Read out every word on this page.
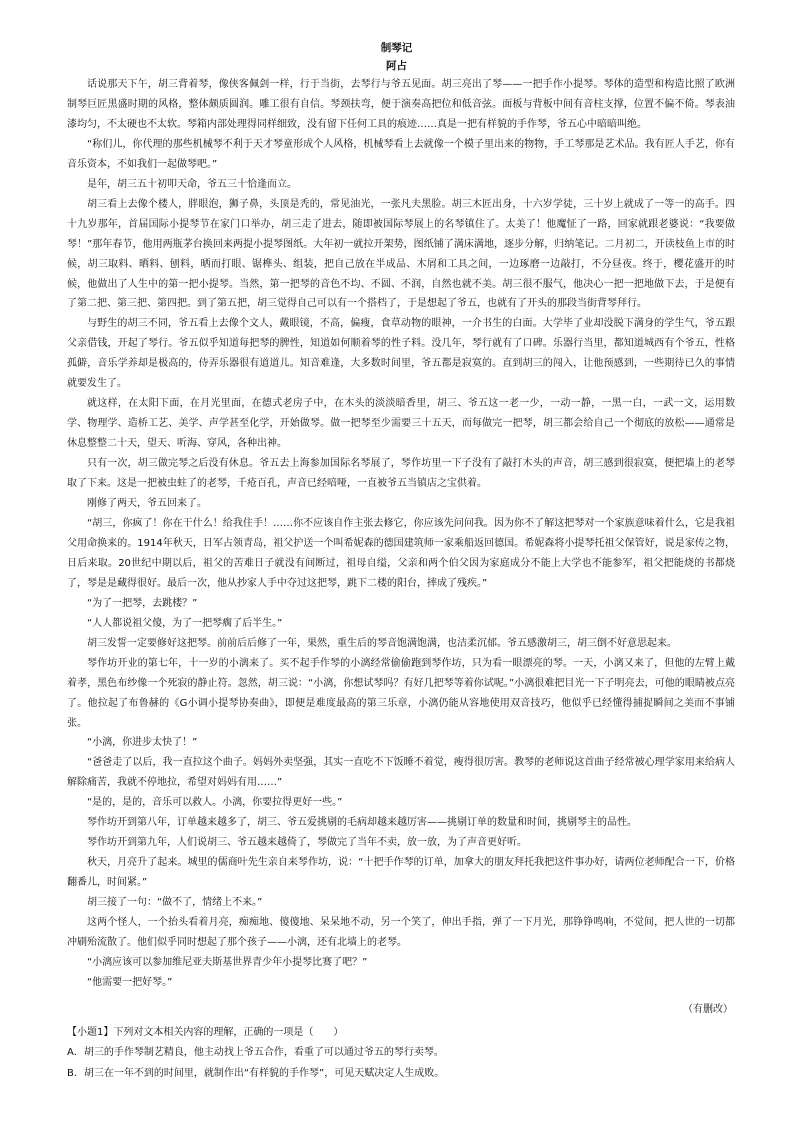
制琴记
阿占

话说那天下午，胡三背着琴，像侠客佩剑一样，行于当街，去琴行与爷五见面。胡三亮出了琴——一把手作小提琴。琴体的造型和构造比照了欧洲制琴巨匠黑盛时期的风格，整体颇质圆润。雕工很有自信。琴颈扶弯，便于演奏高把位和低音弦。面板与背板中间有音柱支撑，位置不偏不倚。琴表油漆均匀，不太硬也不太软。琴箱内部处理得同样细致，没有留下任何工具的痕迹……真是一把有样貌的手作琴，爷五心中暗暗叫绝。

“称们儿，你代理的那些机械琴不利于天才琴童形成个人风格，机械琴看上去就像一个模子里出来的物物，手工琴那是艺术品。我有匠人手艺，你有音乐资本，不如我们一起做琴吧。”

是年，胡三五十初叩天命，爷五三十恰逢而立。

胡三看上去像个楼人，胖眼泡，狮子鼻，头顶是秃的，常见油光，一张凡夫黑脸。胡三木匠出身，十六岁学徒，三十岁上就成了一等一的高手。四十九岁那年，首届国际小提琴节在家门口举办，胡三走了进去，随即被国际琴展上的名琴镇住了。太美了！他魔怔了一路，回家就跟老婆说：“我要做琴！”那年春节，他用两瓶茅台换回来两提小提琴图纸。大年初一就拉开架势，图纸铺了满床满地，逐步分解，归纳笔记。二月初二，开读枝鱼上市的时候，胡三取料、晒料、刨料，晒而打眼、锯榫头、组装，把自己放在半成品、木屑和工具之间，一边琢磨一边敲打，不分昼夜。终于，樱花盛开的时候，他做出了人生中的第一把小提琴。当然，第一把琴的音色不均、不圆、不润，自然也就不美。胡三很不服气，他决心一把一把地做下去，于是便有了第二把、第三把、第四把。到了第五把，胡三觉得自己可以有一个搭档了，于是想起了爷五，也就有了开头的那段当街背琴拜行。

与野生的胡三不同，爷五看上去像个文人，戴眼镜，不高，偏瘦，食草动物的眼神，一介书生的白面。大学毕了业却没脱下满身的学生气，爷五跟父亲借钱，开起了琴行。爷五似乎知道每把琴的脾性，知道如何顺着琴的性子料。没几年，琴行就有了口碑。乐器行当里，都知道城西有个爷五，性格孤僻，音乐学养却是极高的，侍弄乐器很有道道儿。知音难逢，大多数时间里，爷五都是寂寞的。直到胡三的闯入，让他预感到，一些期待已久的事情就要发生了。

就这样，在太阳下面，在月光里面，在德式老房子中，在木头的淡淡暗香里，胡三、爷五这一老一少，一动一静，一黑一白，一武一文，运用数学、物理学、造桥工艺、美学、声学甚至化学，开始做琴。做一把琴至少需要三十五天，而每做完一把琴，胡三都会给自己一个彻底的放松——通常是休息整整二十天，望天、听海、穿风，各种出神。

只有一次，胡三做完琴之后没有休息。爷五去上海参加国际名琴展了，琴作坊里一下子没有了敲打木头的声音，胡三感到很寂寞，便把墙上的老琴取了下来。这是一把被虫蛀了的老琴，千疮百孔，声音已经喑哑，一直被爷五当镇店之宝供着。

刚修了两天，爷五回来了。

“胡三，你疯了！你在干什么！给我住手！……你不应该自作主张去修它，你应该先问问我。因为你不了解这把琴对一个家族意味着什么，它是我祖父用命换来的。1914年秋天，日军占领青岛，祖父护送一个叫希妮森的德国建筑师一家乘船返回德国。希妮森将小提琴托祖父保管好，说是家传之物，日后来取。20世纪中期以后，祖父的苦难日子就没有间断过，祖母自缢，父亲和两个伯父因为家庭成分不能上大学也不能参军，祖父把能烧的书都烧了，琴是是藏得很好。最后一次，他从抄家人手中夺过这把琴，跳下二楼的阳台，摔成了残疾。”

“为了一把琴，去跳楼？”

“人人都说祖父傻，为了一把琴瘸了后半生。”

胡三发誓一定要修好这把琴。前前后后修了一年，果然，重生后的琴音饱满饱满，也洁柔沉郁。爷五感激胡三，胡三倒不好意思起来。

琴作坊开业的第七年，十一岁的小漓来了。买不起手作琴的小漓经常偷偷跑到琴作坊，只为看一眼漂亮的琴。一天，小漓又来了，但他的左臂上戴着孝，黑色布纱像一个死寂的静止符。忽然，胡三说：“小漓，你想试琴吗？有好几把琴等着你试呢。”小漓很难把目光一下子明亮去，可他的眼睛被点亮了。他拉起了布鲁赫的《G小调小提琴协奏曲》，即便是难度最高的第三乐章，小漓仍能从容地使用双音技巧，他似乎已经懂得捕捉瞬间之美而不事铺张。

“小漓，你进步太快了！”

“爸爸走了以后，我一直拉这个曲子。妈妈外卖坚强，其实一直吃不下饭睡不着觉，瘦得很厉害。教琴的老师说这首曲子经常被心理学家用来给病人解除痛苦，我就不停地拉，希望对妈妈有用……”

“是的，是的，音乐可以救人。小漓，你要拉得更好一些。”

琴作坊开到第八年，订单越来越多了，胡三、爷五爱挑剔的毛病却越来越厉害——挑剔订单的数量和时间，挑剔琴主的品性。

琴作坊开到第九年，人们说胡三、爷五越来越倚了，琴做完了当年不卖，放一放，为了声音更好听。

秋天，月亮升了起来。城里的儒商叶先生亲自来琴作坊，说：“十把手作琴的订单，加拿大的朋友拜托我把这件事办好，请两位老师配合一下，价格翻番儿，时间紧。”

胡三接了一句：“做不了，情绪上不来。”

这两个怪人，一个抬头看着月亮，痴痴地、傻傻地、呆呆地不动，另一个笑了，伸出手指，弹了一下月光，那铮铮鸣响，不觉间，把人世的一切都冲刷殆流散了。他们似乎同时想起了那个孩子——小漓，还有北墙上的老琴。

“小漓应该可以参加维尼亚夫斯基世界青少年小提琴比赛了吧？”

“他需要一把好琴。”

（有删改）
【小题1】下列对文本相关内容的理解，正确的一项是（　　）
A．胡三的手作琴制艺精良，他主动找上爷五合作，看重了可以通过爷五的琴行卖琴。
B．胡三在一年不到的时间里，就制作出“有样貌的手作琴”，可见天赋决定人生成败。
